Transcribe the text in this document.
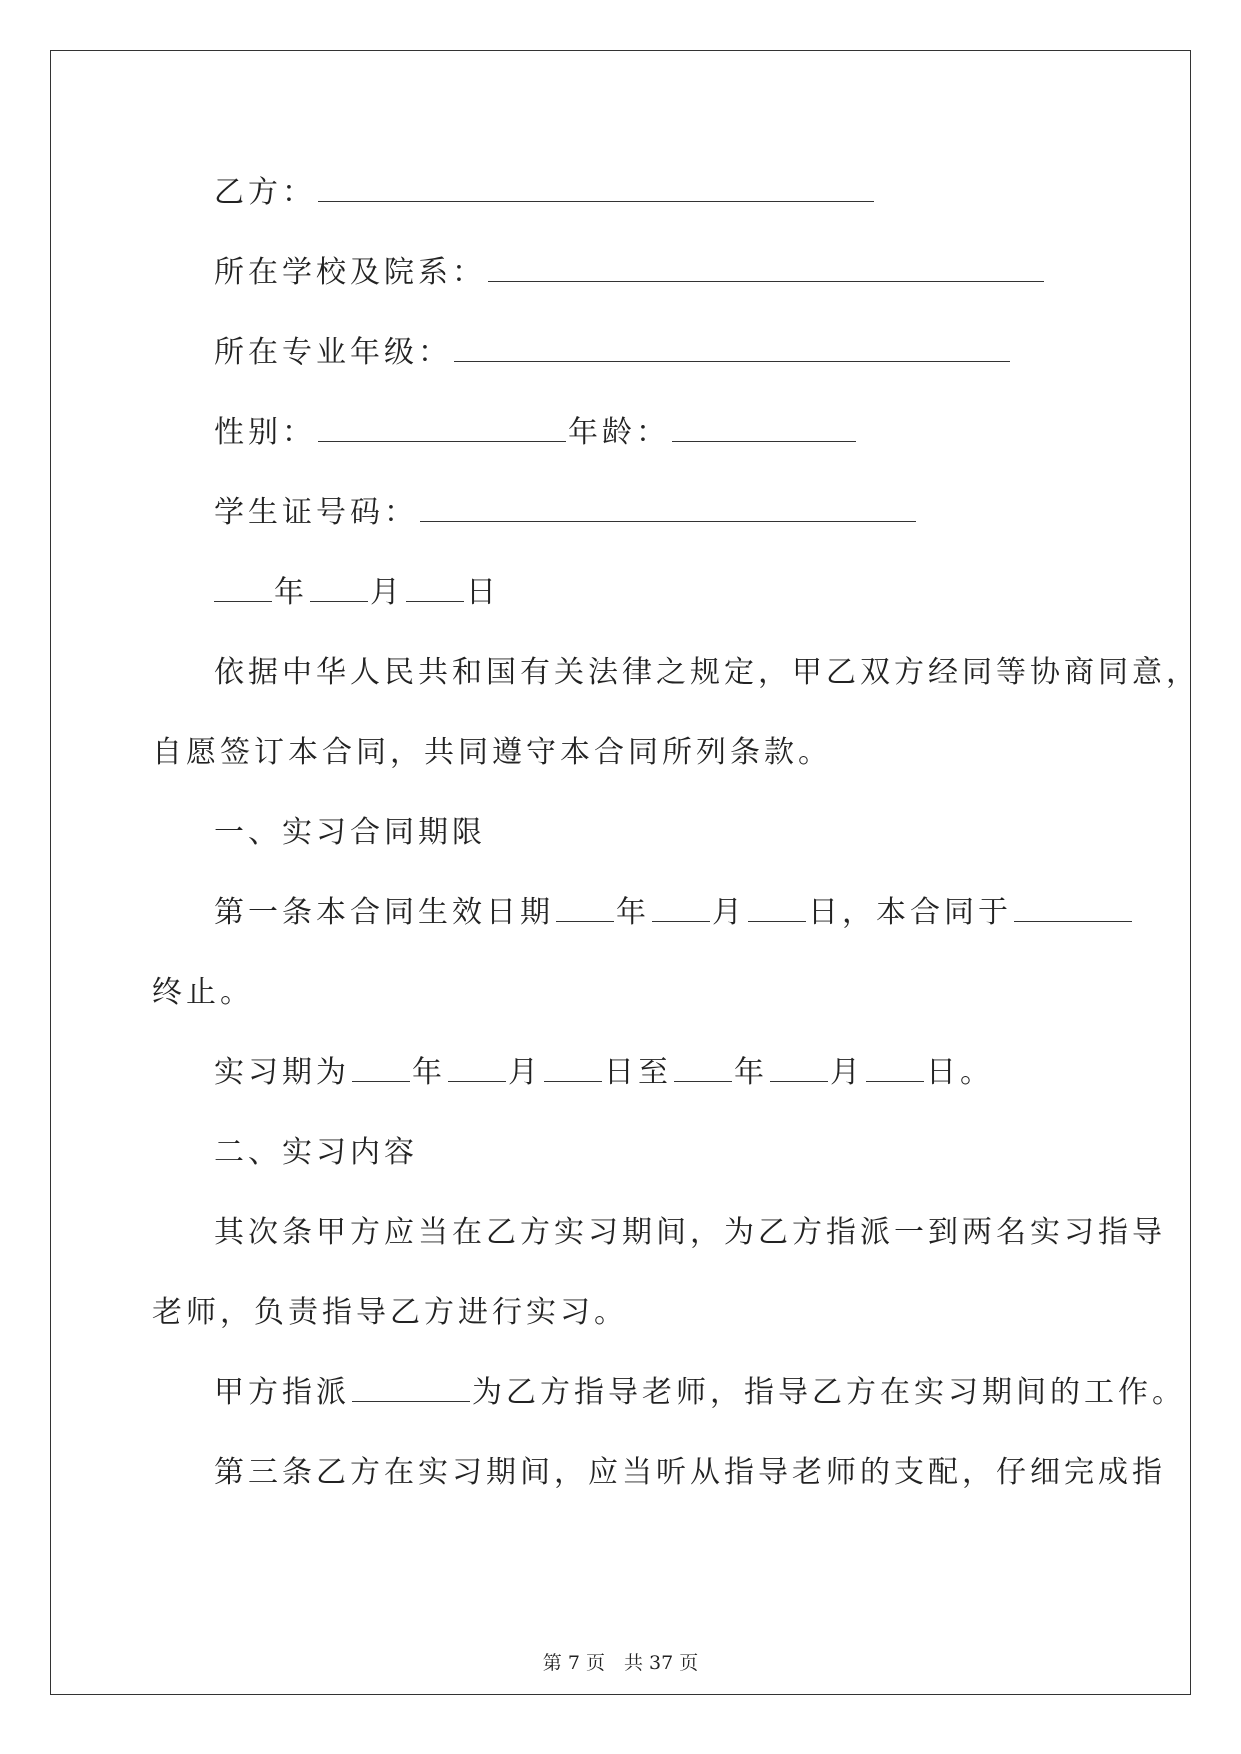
乙方：
所在学校及院系：
所在专业年级：
性别：	年龄：
学生证号码：
年 月 日
依据中华人民共和国有关法律之规定，甲乙双方经同等协商同意，
自愿签订本合同，共同遵守本合同所列条款。
一、实习合同期限
第一条本合同生效日期 年 月 日，本合同于
终止。
实习期为 年 月 日至 年 月 日。
二、实习内容
其次条甲方应当在乙方实习期间，为乙方指派一到两名实习指导
老师，负责指导乙方进行实习。
甲方指派	为乙方指导老师，指导乙方在实习期间的工作。
第三条乙方在实习期间，应当听从指导老师的支配，仔细完成指
第 7 页　共 37 页
